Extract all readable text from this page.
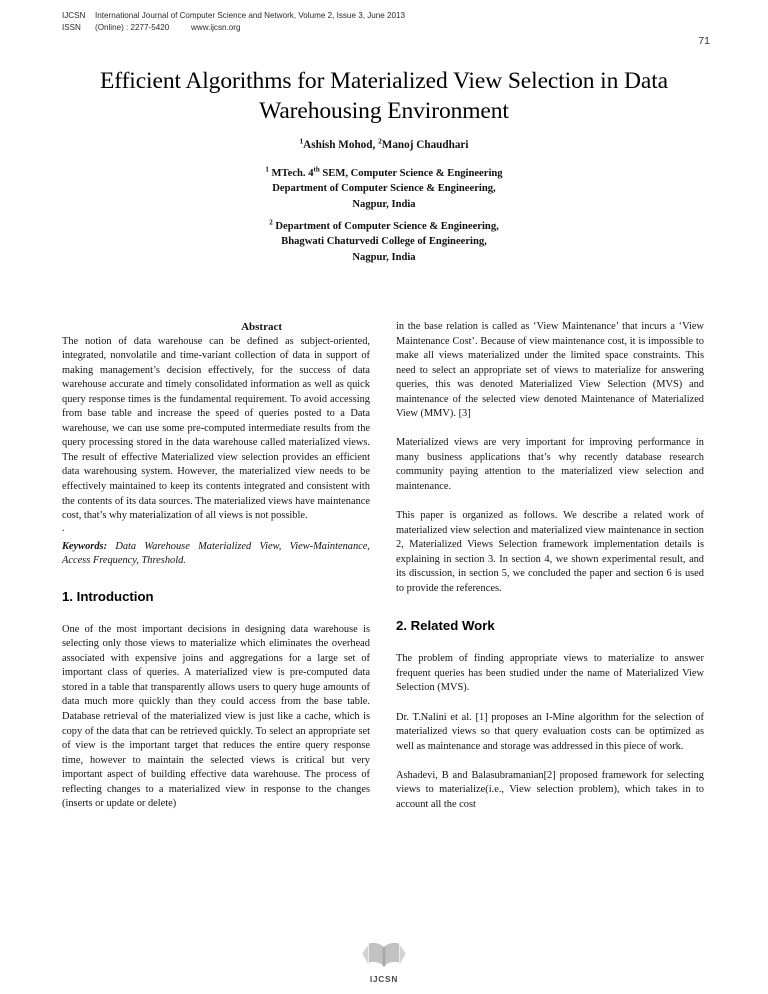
IJCSN	International Journal of Computer Science and Network, Volume 2, Issue 3, June 2013
ISSN	(Online) : 2277-5420	www.ijcsn.org
71
Efficient Algorithms for Materialized View Selection in Data Warehousing Environment
$^1$Ashish Mohod, $^2$Manoj Chaudhari
$^1$ MTech. 4th SEM, Computer Science & Engineering
Department of Computer Science & Engineering,
Nagpur, India
$^2$ Department of Computer Science & Engineering,
Bhagwati Chaturvedi College of Engineering,
Nagpur, India
Abstract

The notion of data warehouse can be defined as subject-oriented, integrated, nonvolatile and time-variant collection of data in support of making management’s decision effectively, for the success of data warehouse accurate and timely consolidated information as well as quick query response times is the fundamental requirement. To avoid accessing from base table and increase the speed of queries posted to a Data warehouse, we can use some pre-computed intermediate results from the query processing stored in the data warehouse called materialized views. The result of effective Materialized view selection provides an efficient data warehousing system. However, the materialized view needs to be effectively maintained to keep its contents integrated and consistent with the contents of its data sources. The materialized views have maintenance cost, that’s why materialization of all views is not possible.

.

Keywords: Data Warehouse Materialized View, View-Maintenance, Access Frequency, Threshold.

1. Introduction

One of the most important decisions in designing data warehouse is selecting only those views to materialize which eliminates the overhead associated with expensive joins and aggregations for a large set of important class of queries. A materialized view is pre-computed data stored in a table that transparently allows users to query huge amounts of data much more quickly than they could access from the base table. Database retrieval of the materialized view is just like a cache, which is copy of the data that can be retrieved quickly. To select an appropriate set of view is the important target that reduces the entire query response time, however to maintain the selected views is critical but very important aspect of building effective data warehouse. The process of reflecting changes to a materialized view in response to the changes (inserts or update or delete)

in the base relation is called as ‘View Maintenance’ that incurs a ‘View Maintenance Cost’. Because of view maintenance cost, it is impossible to make all views materialized under the limited space constraints. This need to select an appropriate set of views to materialize for answering queries, this was denoted Materialized View Selection (MVS) and maintenance of the selected view denoted Maintenance of Materialized View (MMV). [3]

Materialized views are very important for improving performance in many business applications that’s why recently database research community paying attention to the materialized view selection and maintenance.

This paper is organized as follows. We describe a related work of materialized view selection and materialized view maintenance in section 2, Materialized Views Selection framework implementation details is explaining in section 3. In section 4, we shown experimental result, and its discussion, in section 5, we concluded the paper and section 6 is used to provide the references.

2. Related Work

The problem of finding appropriate views to materialize to answer frequent queries has been studied under the name of Materialized View Selection (MVS).

Dr. T.Nalini et al. [1] proposes an I-Mine algorithm for the selection of materialized views so that query evaluation costs can be optimized as well as maintenance and storage was addressed in this piece of work.

Ashadevi, B and Balasubramanian[2] proposed framework for selecting views to materialize(i.e., View selection problem), which takes in to account all the cost

IJCSN
